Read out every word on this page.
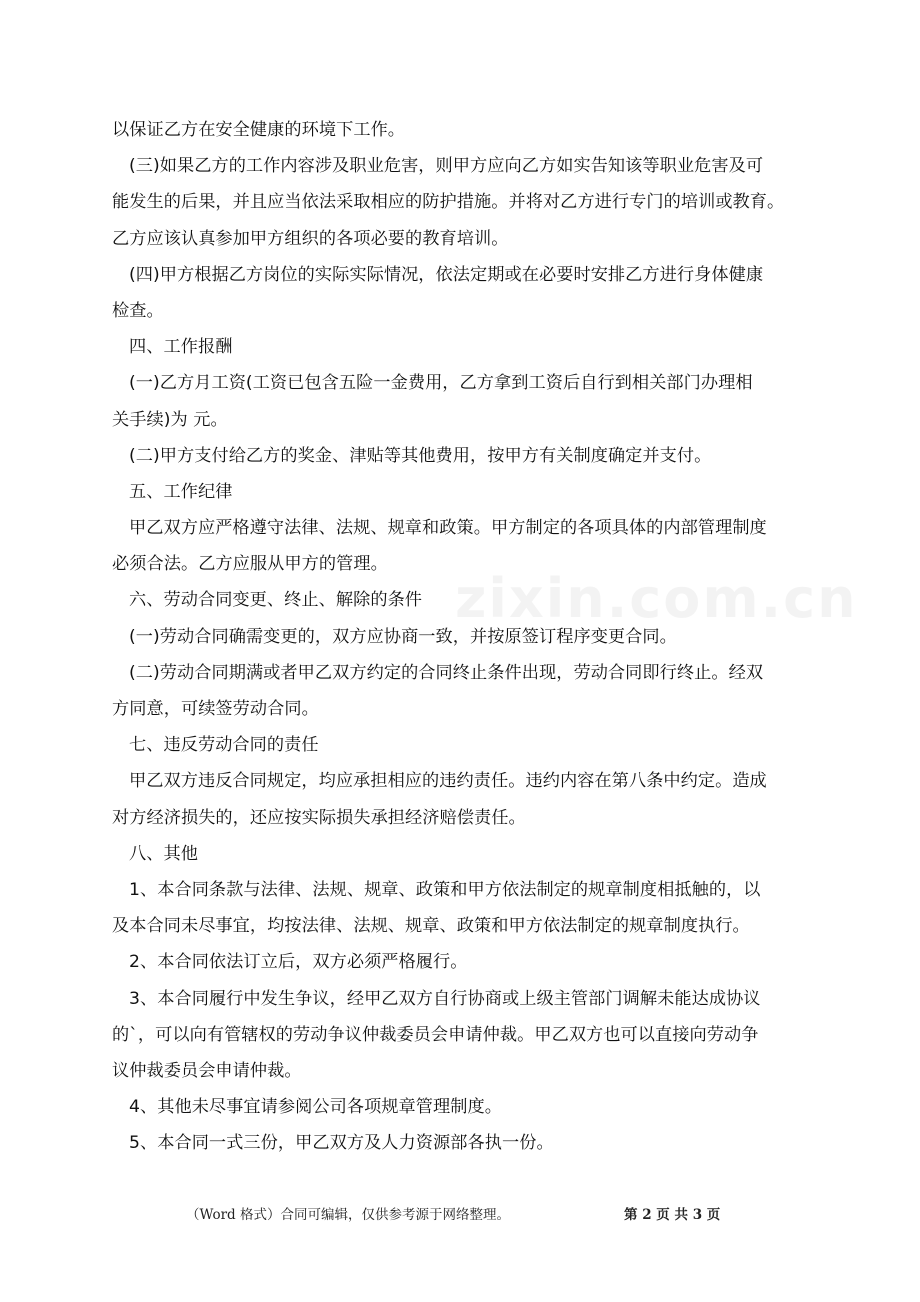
以保证乙方在安全健康的环境下工作。
(三)如果乙方的工作内容涉及职业危害，则甲方应向乙方如实告知该等职业危害及可
能发生的后果，并且应当依法采取相应的防护措施。并将对乙方进行专门的培训或教育。
乙方应该认真参加甲方组织的各项必要的教育培训。
(四)甲方根据乙方岗位的实际实际情况，依法定期或在必要时安排乙方进行身体健康
检查。
四、工作报酬
(一)乙方月工资(工资已包含五险一金费用，乙方拿到工资后自行到相关部门办理相
关手续)为 元。
(二)甲方支付给乙方的奖金、津贴等其他费用，按甲方有关制度确定并支付。
五、工作纪律
甲乙双方应严格遵守法律、法规、规章和政策。甲方制定的各项具体的内部管理制度
必须合法。乙方应服从甲方的管理。
六、劳动合同变更、终止、解除的条件
(一)劳动合同确需变更的，双方应协商一致，并按原签订程序变更合同。
(二)劳动合同期满或者甲乙双方约定的合同终止条件出现，劳动合同即行终止。经双
方同意，可续签劳动合同。
七、违反劳动合同的责任
甲乙双方违反合同规定，均应承担相应的违约责任。违约内容在第八条中约定。造成
对方经济损失的，还应按实际损失承担经济赔偿责任。
八、其他
1、本合同条款与法律、法规、规章、政策和甲方依法制定的规章制度相抵触的，以
及本合同未尽事宜，均按法律、法规、规章、政策和甲方依法制定的规章制度执行。
2、本合同依法订立后，双方必须严格履行。
3、本合同履行中发生争议，经甲乙双方自行协商或上级主管部门调解未能达成协议
的`，可以向有管辖权的劳动争议仲裁委员会申请仲裁。甲乙双方也可以直接向劳动争
议仲裁委员会申请仲裁。
4、其他未尽事宜请参阅公司各项规章管理制度。
5、本合同一式三份，甲乙双方及人力资源部各执一份。
（Word 格式）合同可编辑，仅供参考源于网络整理。	第 2 页 共 3 页
